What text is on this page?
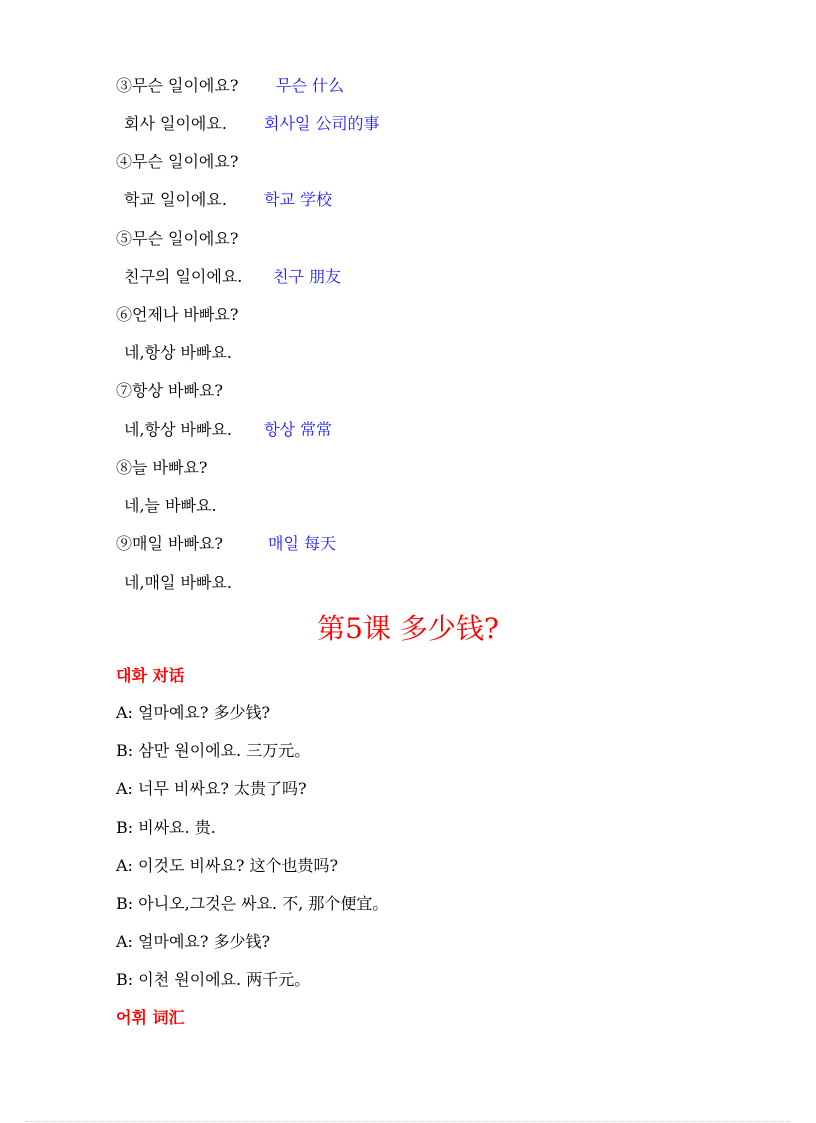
③무슨 일이에요? 무슨 什么
회사 일이에요. 회사일 公司的事
④무슨 일이에요?
학교 일이에요. 학교 学校
⑤무슨 일이에요?
친구의 일이에요. 친구 朋友
⑥언제나 바빠요?
네,항상 바빠요.
⑦항상 바빠요?
네,항상 바빠요. 항상 常常
⑧늘 바빠요?
네,늘 바빠요.
⑨매일 바빠요?	매일 每天
네,매일 바빠요.
第5课 多少钱?
대화 对话
A: 얼마예요? 多少钱?
B: 삼만 원이에요. 三万元。
A: 너무 비싸요? 太贵了吗?
B: 비싸요. 贵.
A: 이것도 비싸요? 这个也贵吗?
B: 아니오,그것은 싸요. 不, 那个便宜。
A: 얼마예요? 多少钱?
B: 이천 원이에요. 两千元。
어휘 词汇
